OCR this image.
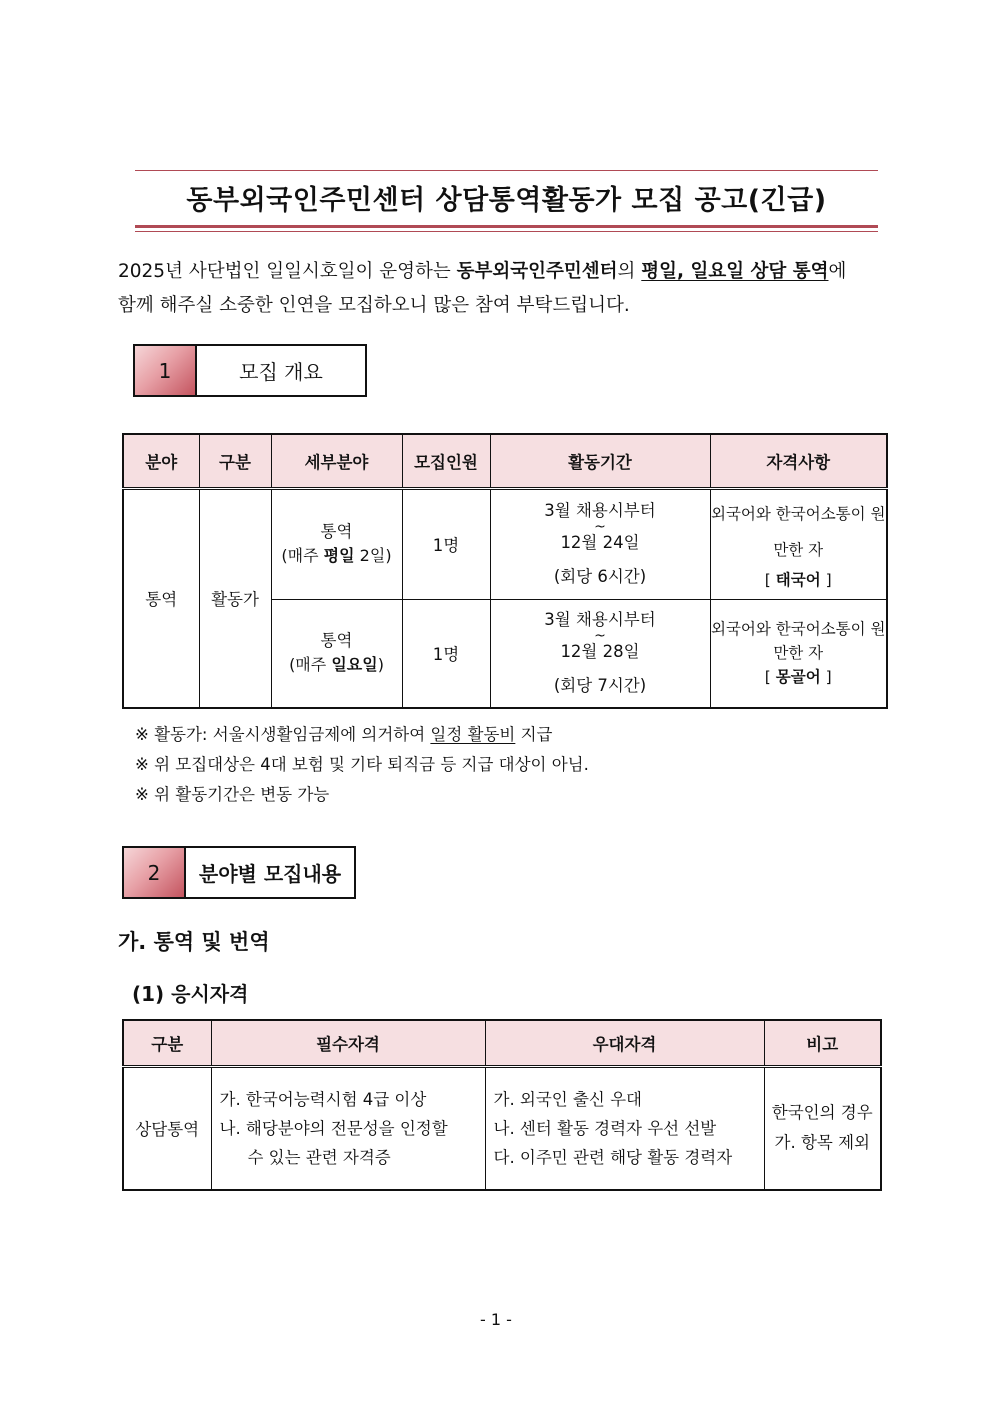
동부외국인주민센터 상담통역활동가 모집 공고(긴급)
2025년 사단법인 일일시호일이 운영하는 동부외국인주민센터의 평일, 일요일 상담 통역에
함께 해주실 소중한 인연을 모집하오니 많은 참여 부탁드립니다.
1	모집 개요
분야	구분	세부분야	모집인원	활동기간	자격사항
통역	활동가	통역
(매주 평일 2일)	1명	3월 채용시부터
~
12월 24일
(회당 6시간)	외국어와 한국어소통이 원만한 자
[ 태국어 ]

		통역
(매주 일요일)	1명	3월 채용시부터
~
12월 28일
(회당 7시간)	외국어와 한국어소통이 원만한 자
[ 몽골어 ]
※ 활동가: 서울시생활임금제에 의거하여 일정 활동비 지급
※ 위 모집대상은 4대 보험 및 기타 퇴직금 등 지급 대상이 아님.
※ 위 활동기간은 변동 가능
2	분야별 모집내용
가. 통역 및 번역
(1) 응시자격
구분	필수자격	우대자격	비고
상담통역	가. 한국어능력시험 4급 이상
나. 해당분야의 전문성을 인정할
수 있는 관련 자격증	가. 외국인 출신 우대
나. 센터 활동 경력자 우선 선발
다. 이주민 관련 해당 활동 경력자	한국인의 경우
가. 항목 제외
- 1 -
